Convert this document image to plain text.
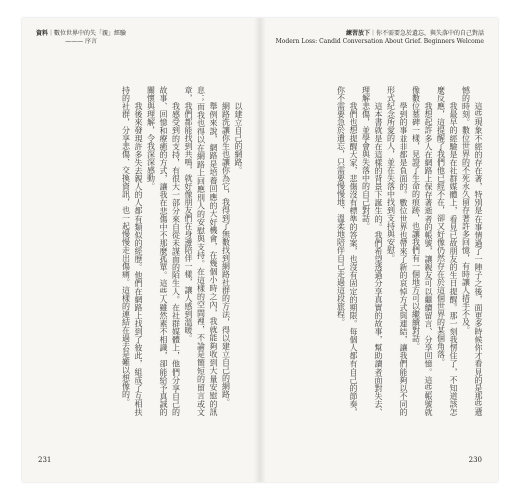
資料｜數位世界中的失「親」經驗
——— 序言

以建立自己的網路。

網路洗讓你生也讓你為它，我得到了無數找到網路社群的方法，得以建立自己的網路。

舉例來說，網路是培養回應的大好機會，在幾個小時之內，我就能夠收到大量安慰的訊息；而我也得以在網路上回應別人的安慰與支持。在這樣的空間裡，不論是簡短的留言或文章，我們都能找到共鳴，就好像朋友們在身邊陪伴一樣，讓人感到溫暖。

我感受到的支持，有很大一部分來自從未謀面的陌生人。在社群媒體上，他們分享自己的故事、回憶和療癒的方式，讓我在悲傷中不那麼孤單。這些人雖然素不相識，卻能給予真誠的關懷與理解，令我深深感動。

我後來發現許多失去親人的人都有類似的經歷。他們在網路上找到了彼此，組成了互相扶持的社群，分享悲傷、交換資訊，也一起慢慢走出傷痛。這樣的連結在過去是難以想像的。

231
練習放下｜你不需要急於遺忘，與失落中的自己對話
Modern Loss: Candid Conversation About Grief. Beginners Welcome

這些現象不經的存在著，特別是在事情過了一陣子之後，面更多時候你才看見的是那些遺憾的時刻。數位世界的不死永久留存著許多回憶，有時讓人措手不及。

我最早的經驗是在社群媒體上，看見已故朋友的生日提醒。那一刻我愣住了，不知道該怎麼反應，這提醒了我們他已經不在，卻又好像仍然存在於這個世界的某個角落。

我想起許多人在網路上保存著逝者的帳號，讓親友可以繼續留言、分享回憶。這些帳號就像數位墓碑一樣，見證了生命的痕跡，也讓我們有一個地方可以繼續對話。

學到的事並非都是負面的。數位世界也帶來了新的哀悼方式與連結，讓我們能夠以不同的形式紀念所愛的人，並在失落中找到支持與安慰。

這本書就是在這樣的背景下誕生的。我們希望透過分享真實的故事，幫助讀者面對失去、理解悲傷，並學會與失落中的自己對話。

我們也想提醒大家，悲傷沒有標準的答案，也沒有固定的期限。每個人都有自己的節奏，你不需要急於遺忘，只需要慢慢地、溫柔地陪伴自己走過這段旅程。

230
